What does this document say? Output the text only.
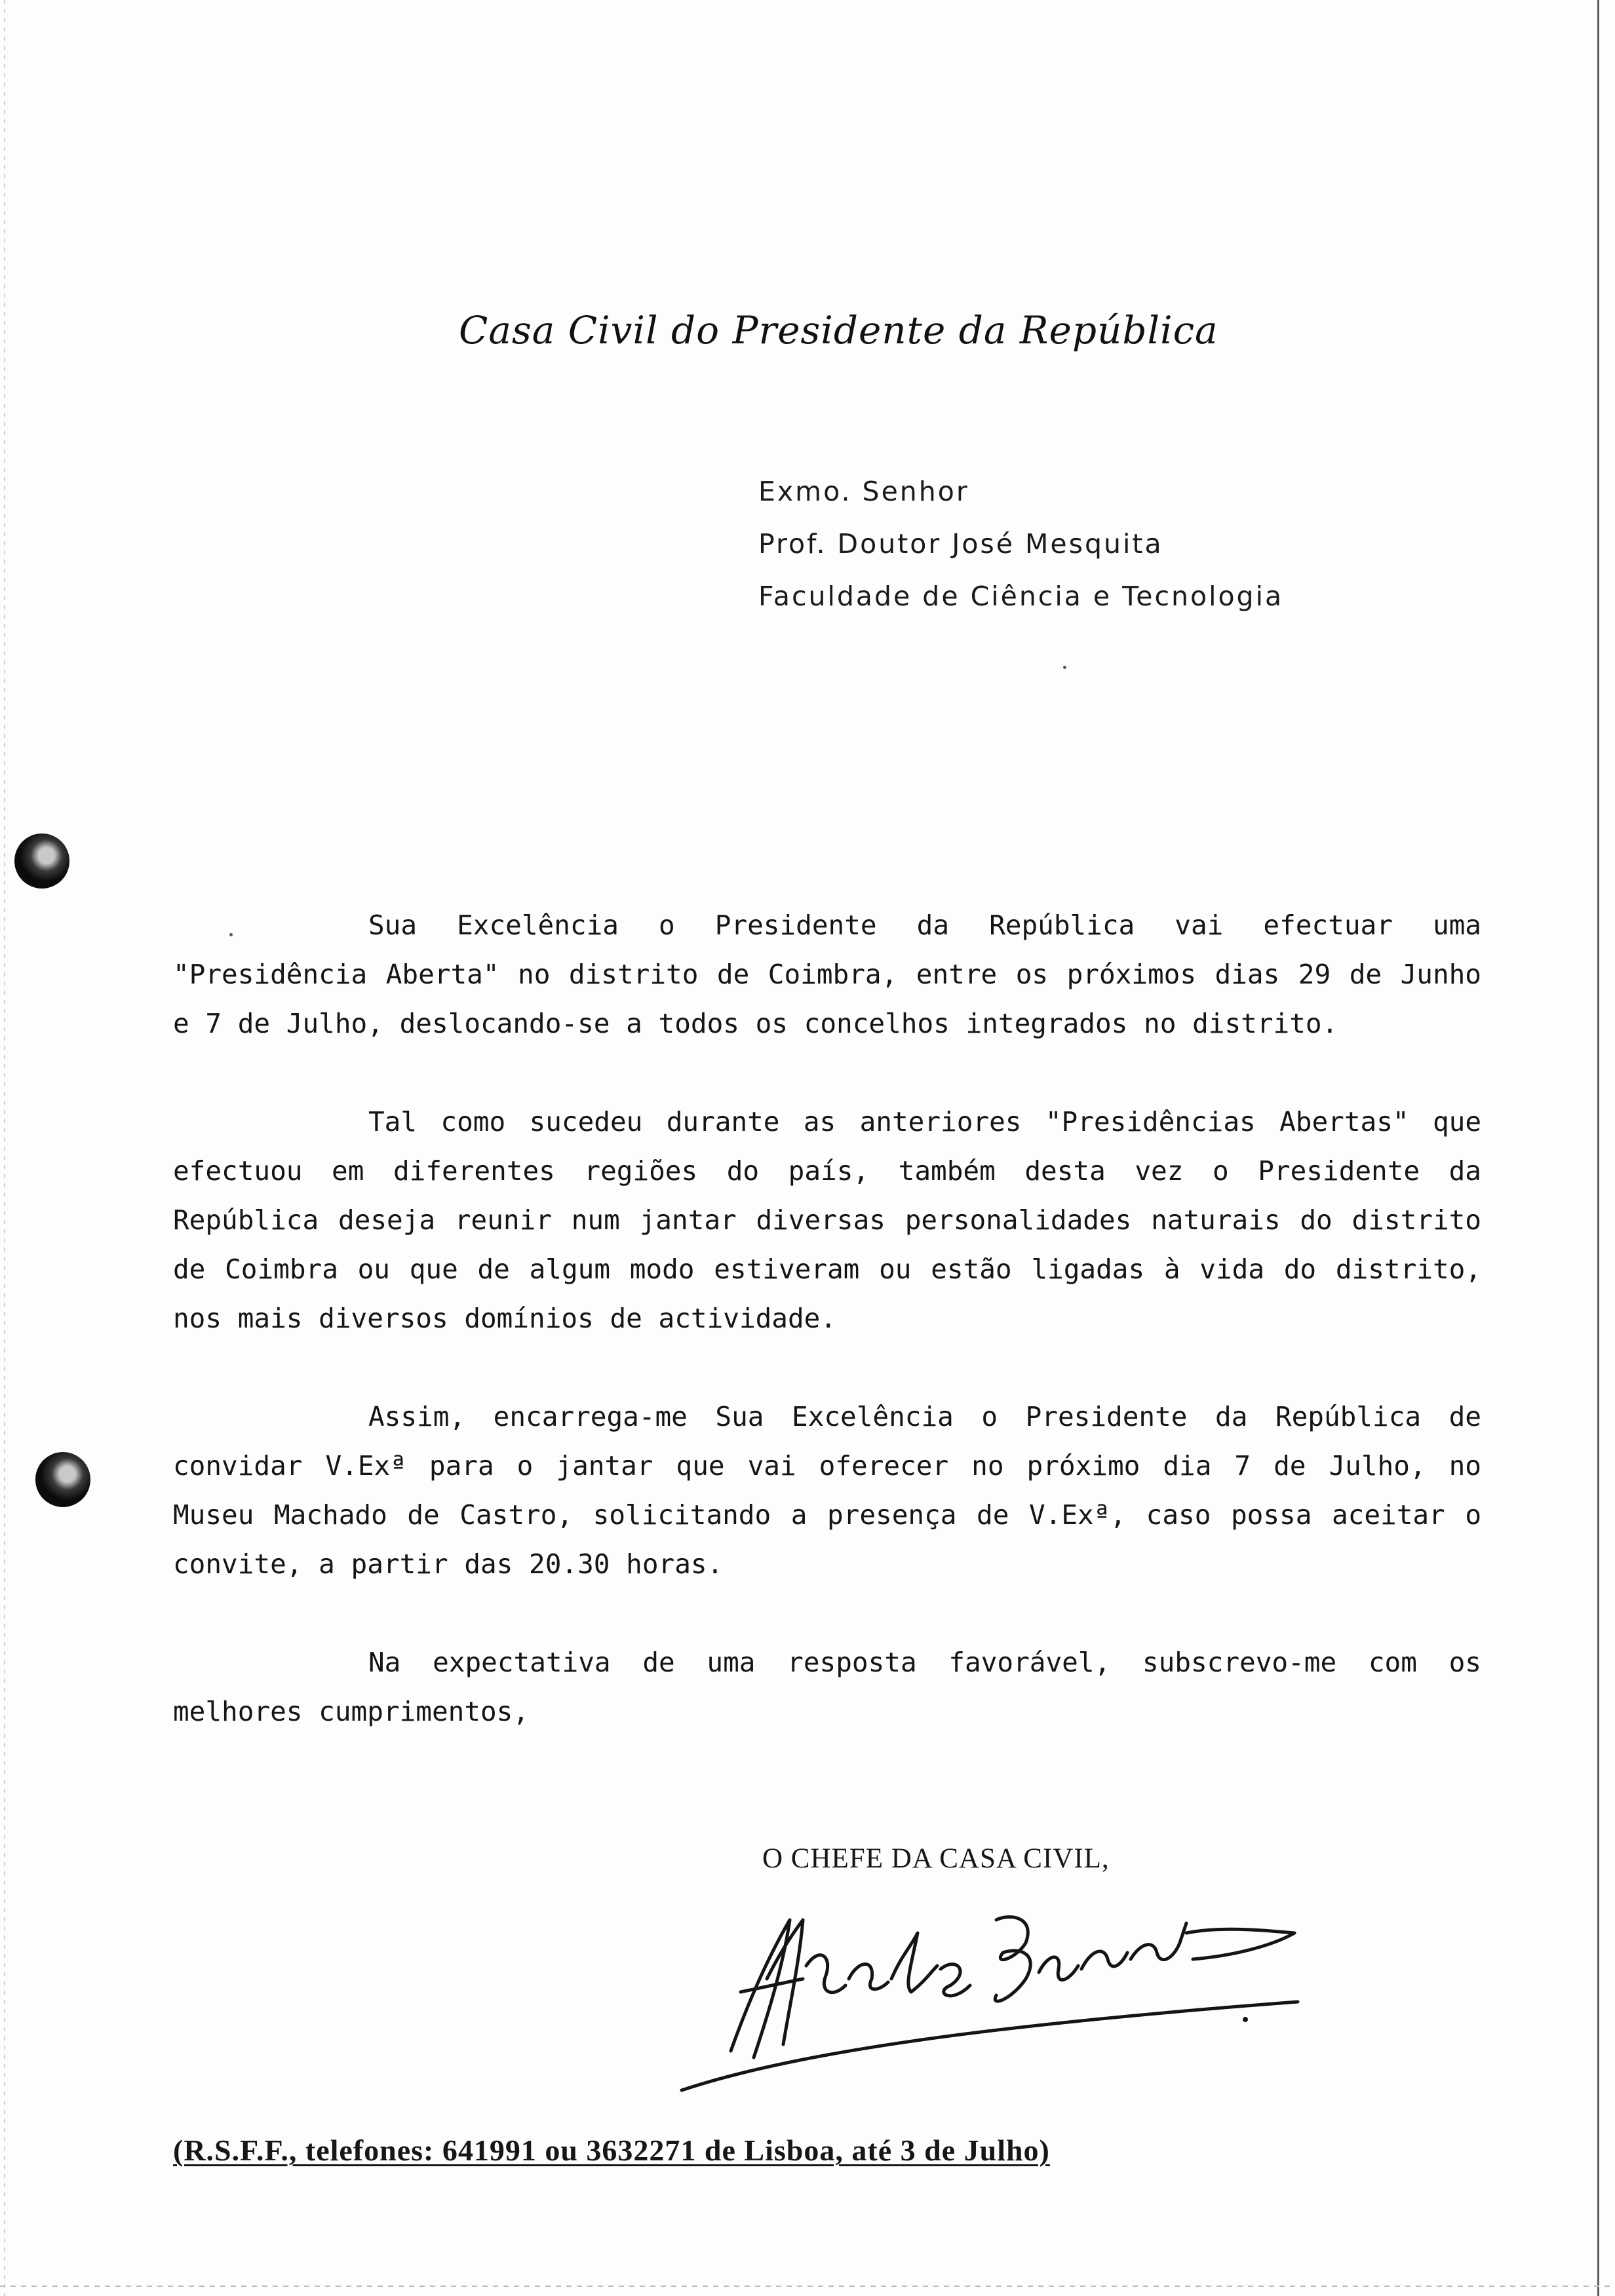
Casa Civil do Presidente da República
Exmo. Senhor
Prof. Doutor José Mesquita
Faculdade de Ciência e Tecnologia

Sua Excelência o Presidente da República vai efectuar uma "Presidência Aberta" no distrito de Coimbra, entre os próximos dias 29 de Junho e 7 de Julho, deslocando-se a todos os concelhos integrados no distrito.

Tal como sucedeu durante as anteriores "Presidências Abertas" que efectuou em diferentes regiões do país, também desta vez o Presidente da República deseja reunir num jantar diversas personalidades naturais do distrito de Coimbra ou que de algum modo estiveram ou estão ligadas à vida do distrito, nos mais diversos domínios de actividade.

Assim, encarrega-me Sua Excelência o Presidente da República de convidar V.Exª para o jantar que vai oferecer no próximo dia 7 de Julho, no Museu Machado de Castro, solicitando a presença de V.Exª, caso possa aceitar o convite, a partir das 20.30 horas.

Na expectativa de uma resposta favorável, subscrevo-me com os melhores cumprimentos,

O CHEFE DA CASA CIVIL,
(R.S.F.F., telefones: 641991 ou 3632271 de Lisboa, até 3 de Julho)
